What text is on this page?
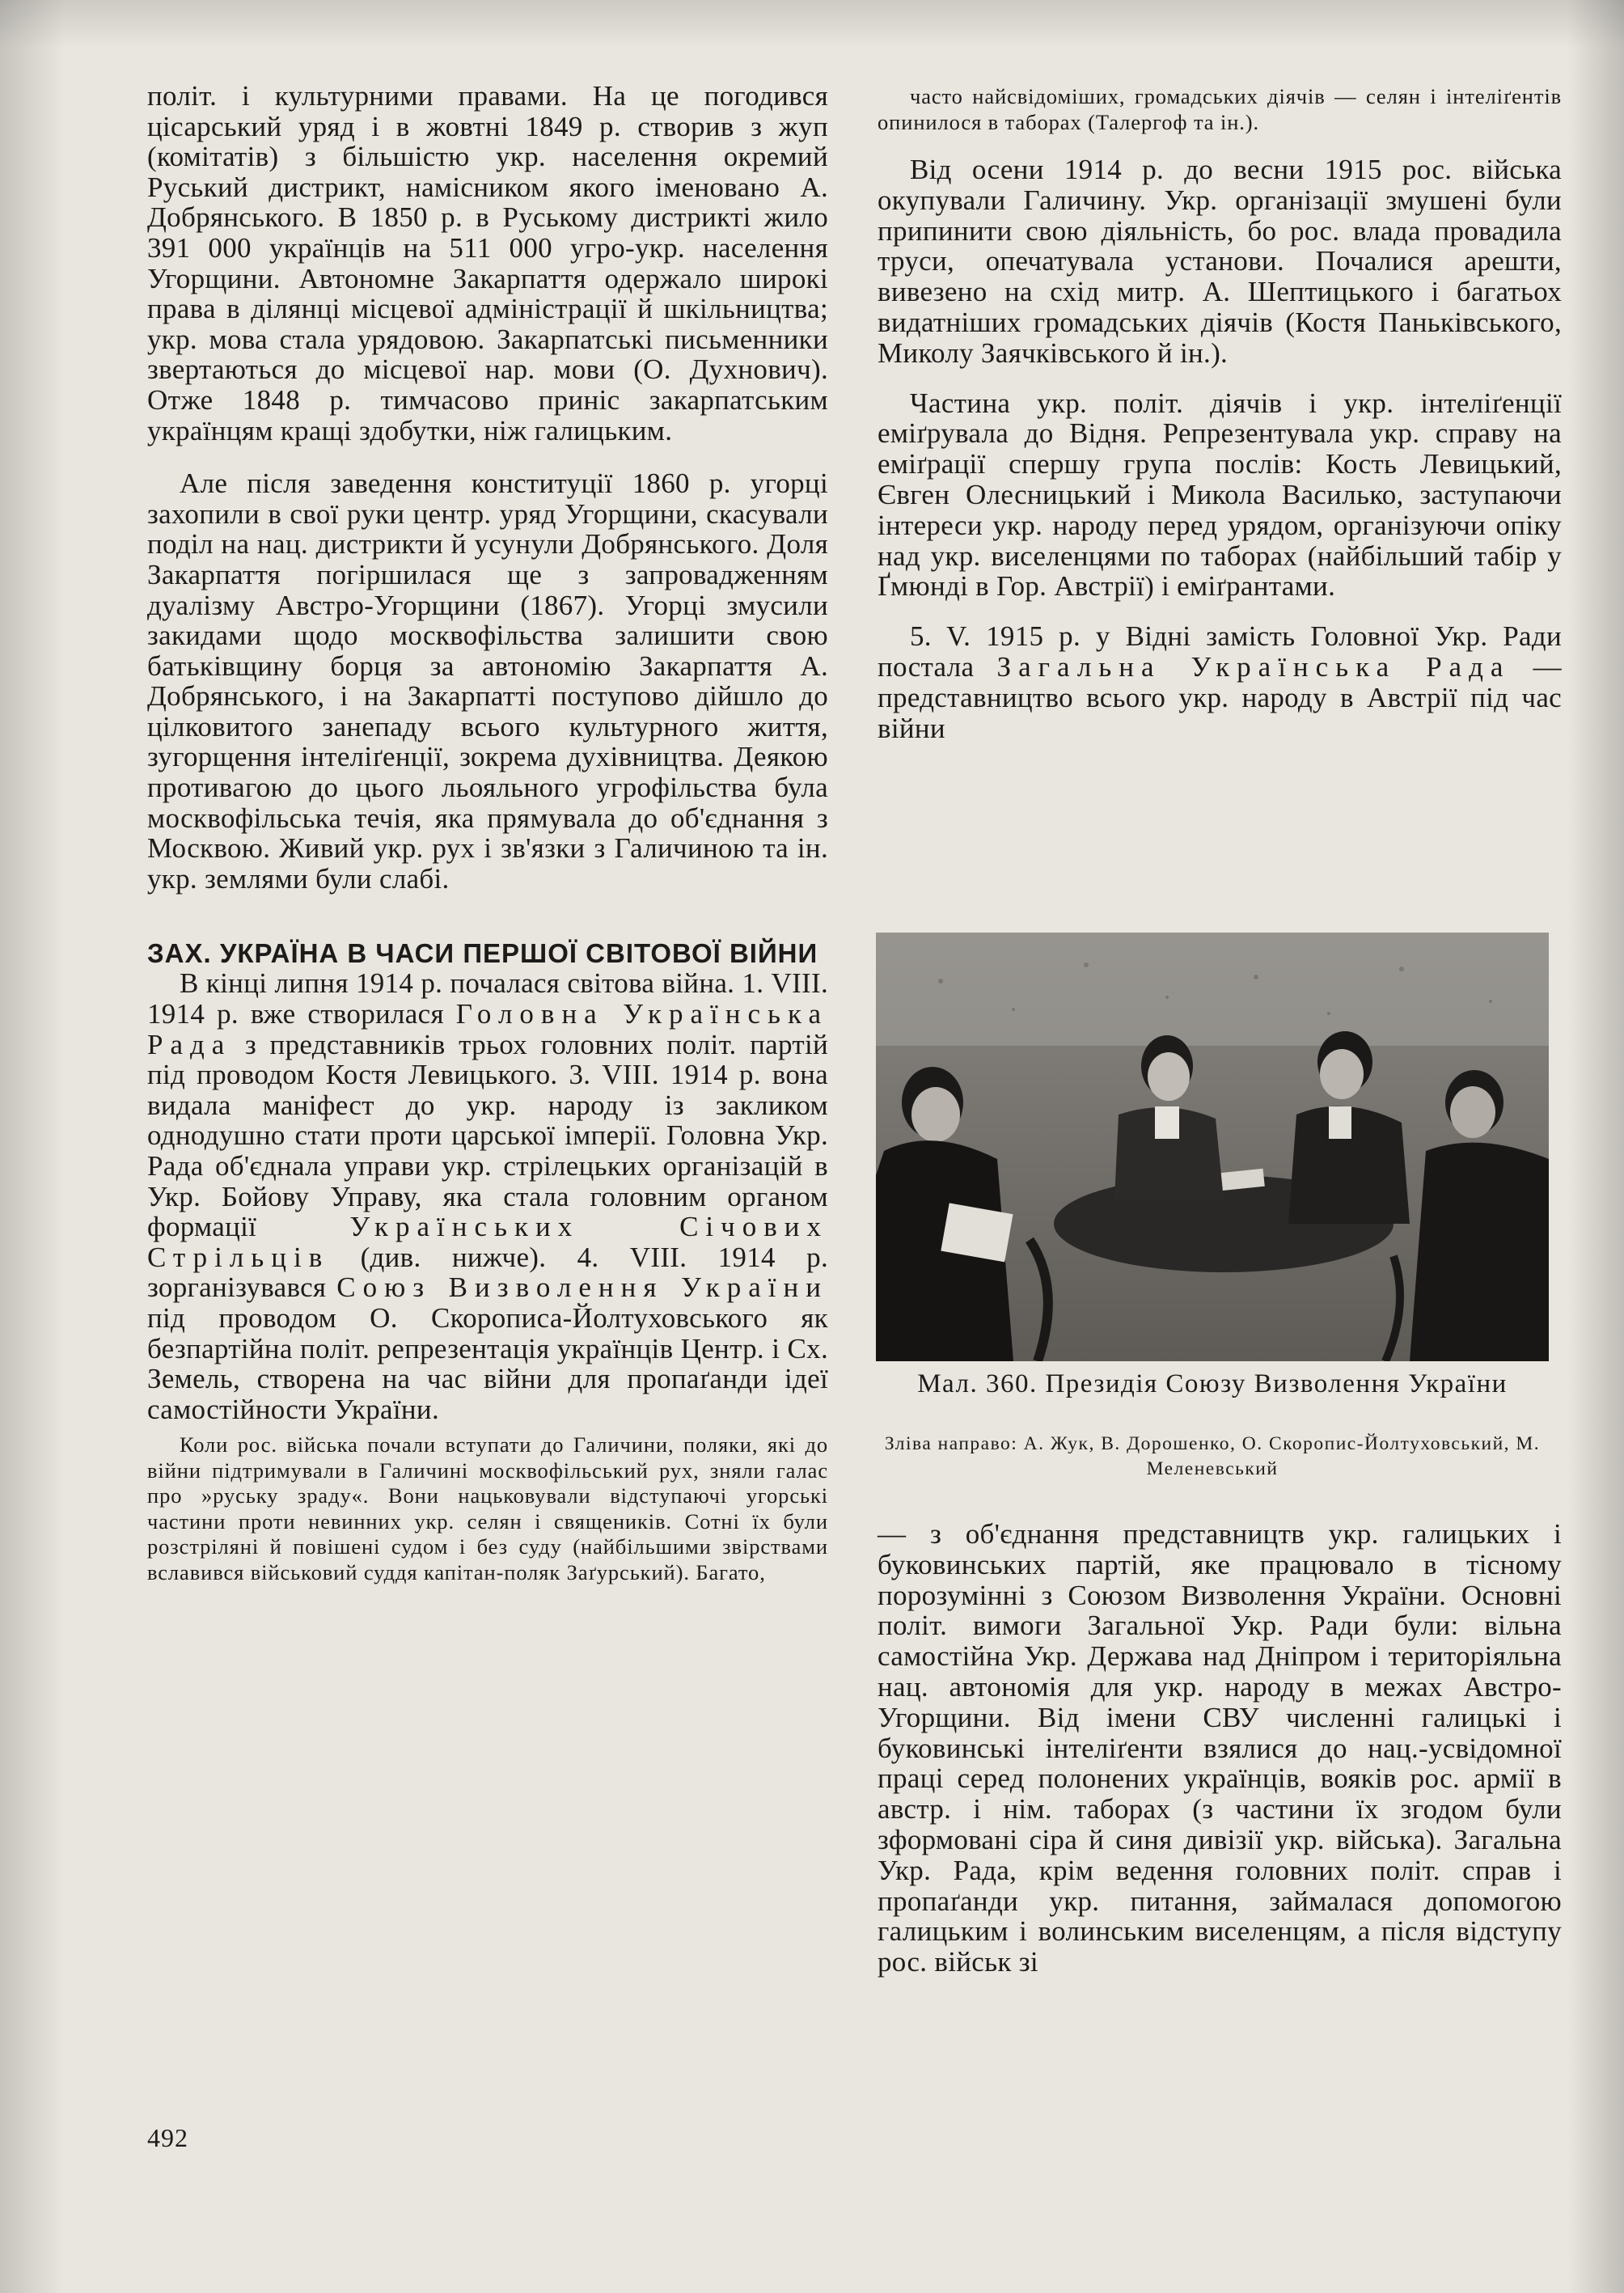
політ. і культурними правами. На це погодився цісарський уряд і в жовтні 1849 р. створив з жуп (комітатів) з більшістю укр. населення окремий Руський дистрикт, намісником якого іменовано А. Добрянського. В 1850 р. в Руському дистрикті жило 391 000 українців на 511 000 угро-укр. населення Угорщини. Автономне Закарпаття одержало широкі права в ділянці місцевої адміністрації й шкільництва; укр. мова стала урядовою. Закарпатські письменники звертаються до місцевої нар. мови (О. Духнович). Отже 1848 р. тимчасово приніс закарпатським українцям кращі здобутки, ніж галицьким.

Але після заведення конституції 1860 р. угорці захопили в свої руки центр. уряд Угорщини, скасували поділ на нац. дистрикти й усунули Добрянського. Доля Закарпаття погіршилася ще з запровадженням дуалізму Австро-Угорщини (1867). Угорці змусили закидами щодо москвофільства залишити свою батьківщину борця за автономію Закарпаття А. Добрянського, і на Закарпатті поступово дійшло до цілковитого занепаду всього культурного життя, зугорщення інтеліґенції, зокрема духівництва. Деякою противагою до цього льояльного угрофільства була москвофільська течія, яка прямувала до об'єднання з Москвою. Живий укр. рух і зв'язки з Галичиною та ін. укр. землями були слабі.

ЗАХ. УКРАЇНА В ЧАСИ ПЕРШОЇ СВІТОВОЇ ВІЙНИ

В кінці липня 1914 р. почалася світова війна. 1. VIII. 1914 р. вже створилася Головна Українська Рада з представників трьох головних політ. партій під проводом Костя Левицького. 3. VIII. 1914 р. вона видала маніфест до укр. народу із закликом однодушно стати проти царської імперії. Головна Укр. Рада об'єднала управи укр. стрілецьких організацій в Укр. Бойову Управу, яка стала головним органом формації Українських Січових Стрільців (див. нижче). 4. VIII. 1914 р. зорганізувався Союз Визволення України під проводом О. Скорописа-Йолтуховського як безпартійна політ. репрезентація українців Центр. і Сх. Земель, створена на час війни для пропаґанди ідеї самостійности України.

Коли рос. війська почали вступати до Галичини, поляки, які до війни підтримували в Галичині москвофільський рух, зняли галас про »руську зраду«. Вони нацьковували відступаючі угорські частини проти невинних укр. селян і священиків. Сотні їх були розстріляні й повішені судом і без суду (найбільшими звірствами вславився військовий суддя капітан-поляк Заґурський). Багато,

часто найсвідоміших, громадських діячів — селян і інтеліґентів опинилося в таборах (Талергоф та ін.).

Від осени 1914 р. до весни 1915 рос. війська окупували Галичину. Укр. організації змушені були припинити свою діяльність, бо рос. влада провадила труси, опечатувала установи. Почалися арешти, вивезено на схід митр. А. Шептицького і багатьох видатніших громадських діячів (Костя Паньківського, Миколу Заячківського й ін.).

Частина укр. політ. діячів і укр. інтеліґенції еміґрувала до Відня. Репрезентувала укр. справу на еміґрації спершу група послів: Кость Левицький, Євген Олесницький і Микола Василько, заступаючи інтереси укр. народу перед урядом, організуючи опіку над укр. виселенцями по таборах (найбільший табір у Ґмюнді в Гор. Австрії) і еміґрантами.

5. V. 1915 р. у Відні замість Головної Укр. Ради постала Загальна Українська Рада — представництво всього укр. народу в Австрії під час війни

Мал. 360. Президія Союзу Визволення України
Зліва направо: А. Жук, В. Дорошенко, О. Скоропис-Йолтуховський, М. Меленевський

— з об'єднання представництв укр. галицьких і буковинських партій, яке працювало в тісному порозумінні з Союзом Визволення України. Основні політ. вимоги Загальної Укр. Ради були: вільна самостійна Укр. Держава над Дніпром і територіяльна нац. автономія для укр. народу в межах Австро-Угорщини. Від імени СВУ численні галицькі і буковинські інтеліґенти взялися до нац.-усвідомної праці серед полонених українців, вояків рос. армії в австр. і нім. таборах (з частини їх згодом були зформовані сіра й синя дивізії укр. війська). Загальна Укр. Рада, крім ведення головних політ. справ і пропаґанди укр. питання, займалася допомогою галицьким і волинським виселенцям, а після відступу рос. військ зі

492
